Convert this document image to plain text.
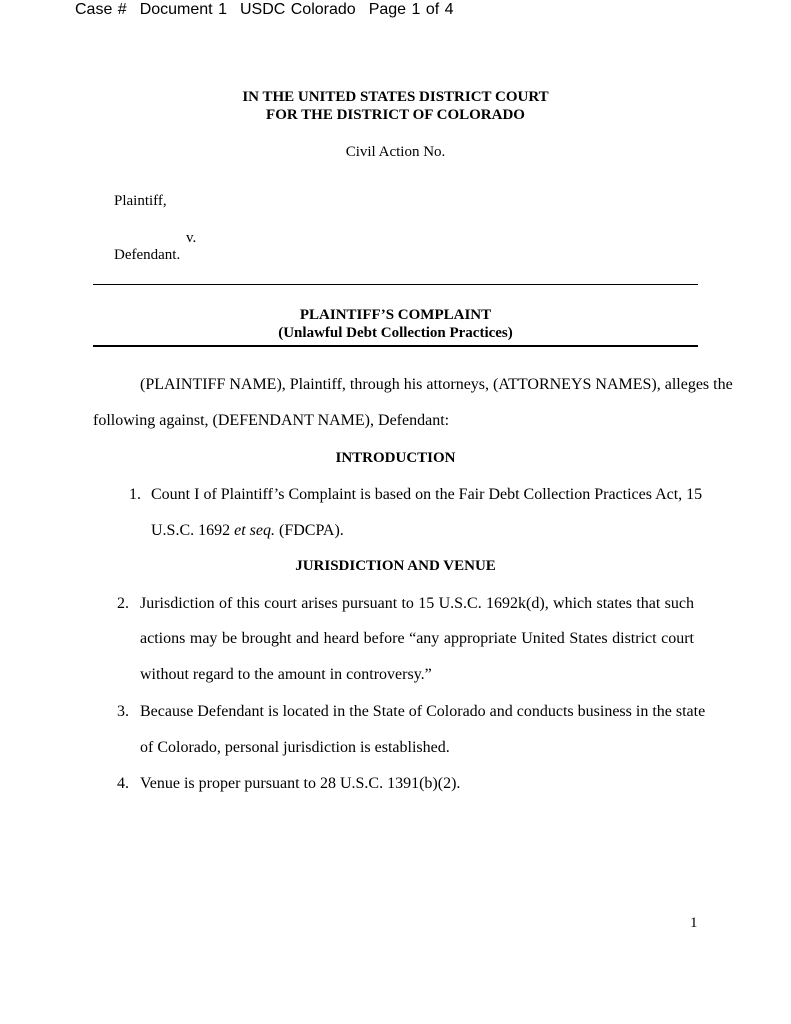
Case # Document 1 USDC Colorado Page 1 of 4
IN THE UNITED STATES DISTRICT COURT
FOR THE DISTRICT OF COLORADO
Civil Action No.
Plaintiff,
v.
Defendant.
PLAINTIFF’S COMPLAINT
(Unlawful Debt Collection Practices)
(PLAINTIFF NAME), Plaintiff, through his attorneys, (ATTORNEYS NAMES), alleges the
following against, (DEFENDANT NAME), Defendant:
INTRODUCTION
1. Count I of Plaintiff’s Complaint is based on the Fair Debt Collection Practices Act, 15
U.S.C. 1692 et seq. (FDCPA).
JURISDICTION AND VENUE
2. Jurisdiction of this court arises pursuant to 15 U.S.C. 1692k(d), which states that such
actions may be brought and heard before “any appropriate United States district court
without regard to the amount in controversy.”
3. Because Defendant is located in the State of Colorado and conducts business in the state
of Colorado, personal jurisdiction is established.
4. Venue is proper pursuant to 28 U.S.C. 1391(b)(2).
1
